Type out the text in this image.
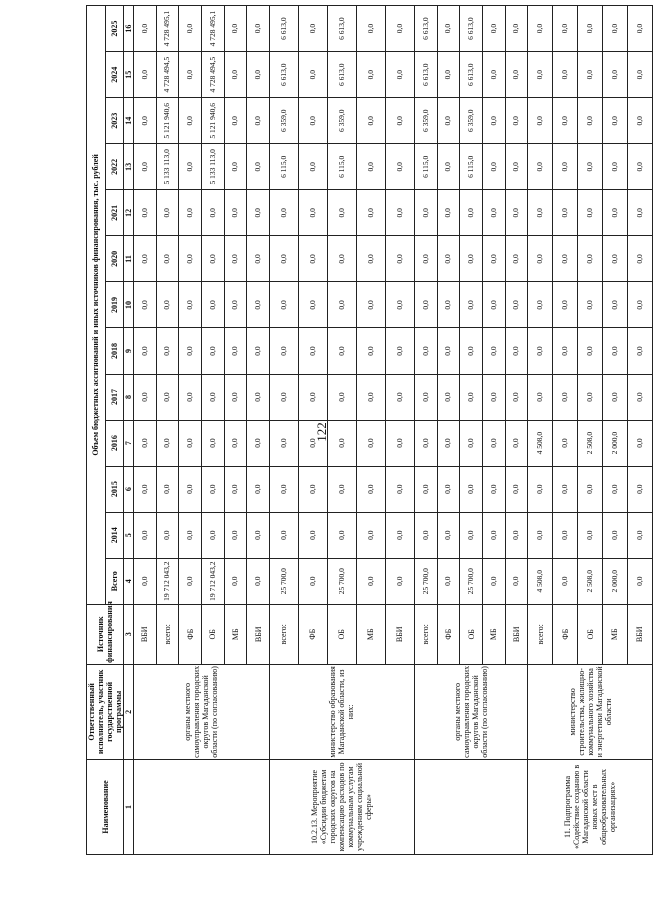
122
Наименование	Ответственный исполнитель, участник государственной программы	Источник финансирования	Объем бюджетных ассигнований и иных источников финансирования, тыс. рублей												
			Всего	2014	2015	2016	2017	2018	2019	2020	2021	2022	2023	2024	2025
1	2	3	4	5	6	7	8	9	10	11	12	13	14	15	16
	органы местного самоуправления городских округов Магаданской области (по согласованию)	ВБИ	0,0	0,0	0,0	0,0	0,0	0,0	0,0	0,0	0,0	0,0	0,0	0,0	0,0
		всего:	19 712 043,2	0,0	0,0	0,0	0,0	0,0	0,0	0,0	0,0	5 133 113,0	5 121 940,6	4 728 494,5	4 728 495,1
		ФБ	0,0	0,0	0,0	0,0	0,0	0,0	0,0	0,0	0,0	0,0	0,0	0,0	0,0
		ОБ	19 712 043,2	0,0	0,0	0,0	0,0	0,0	0,0	0,0	0,0	5 133 113,0	5 121 940,6	4 728 494,5	4 728 495,1
		МБ	0,0	0,0	0,0	0,0	0,0	0,0	0,0	0,0	0,0	0,0	0,0	0,0	0,0
		ВБИ	0,0	0,0	0,0	0,0	0,0	0,0	0,0	0,0	0,0	0,0	0,0	0,0	0,0
10.2.13. Мероприятие «Субсидии бюджетам городских округов на компенсацию расходов по коммунальным услугам учреждениям социальной сферы»	министерство образования Магаданской области, из них:	всего:	25 700,0	0,0	0,0	0,0	0,0	0,0	0,0	0,0	0,0	6 115,0	6 359,0	6 613,0	6 613,0
		ФБ	0,0	0,0	0,0	0,0	0,0	0,0	0,0	0,0	0,0	0,0	0,0	0,0	0,0
		ОБ	25 700,0	0,0	0,0	0,0	0,0	0,0	0,0	0,0	0,0	6 115,0	6 359,0	6 613,0	6 613,0
		МБ	0,0	0,0	0,0	0,0	0,0	0,0	0,0	0,0	0,0	0,0	0,0	0,0	0,0
		ВБИ	0,0	0,0	0,0	0,0	0,0	0,0	0,0	0,0	0,0	0,0	0,0	0,0	0,0
	органы местного самоуправления городских округов Магаданской области (по согласованию)	всего:	25 700,0	0,0	0,0	0,0	0,0	0,0	0,0	0,0	0,0	6 115,0	6 359,0	6 613,0	6 613,0
		ФБ	0,0	0,0	0,0	0,0	0,0	0,0	0,0	0,0	0,0	0,0	0,0	0,0	0,0
		ОБ	25 700,0	0,0	0,0	0,0	0,0	0,0	0,0	0,0	0,0	6 115,0	6 359,0	6 613,0	6 613,0
		МБ	0,0	0,0	0,0	0,0	0,0	0,0	0,0	0,0	0,0	0,0	0,0	0,0	0,0
		ВБИ	0,0	0,0	0,0	0,0	0,0	0,0	0,0	0,0	0,0	0,0	0,0	0,0	0,0
11. Подпрограмма «Содействие созданию в Магаданской области новых мест в общеобразовательных организациях»	министерство строительства, жилищно-коммунального хозяйства и энергетики Магаданской области	всего:	4 508,0	0,0	0,0	4 508,0	0,0	0,0	0,0	0,0	0,0	0,0	0,0	0,0	0,0
		ФБ	0,0	0,0	0,0	0,0	0,0	0,0	0,0	0,0	0,0	0,0	0,0	0,0	0,0
		ОБ	2 508,0	0,0	0,0	2 508,0	0,0	0,0	0,0	0,0	0,0	0,0	0,0	0,0	0,0
		МБ	2 000,0	0,0	0,0	2 000,0	0,0	0,0	0,0	0,0	0,0	0,0	0,0	0,0	0,0
		ВБИ	0,0	0,0	0,0	0,0	0,0	0,0	0,0	0,0	0,0	0,0	0,0	0,0	0,0
